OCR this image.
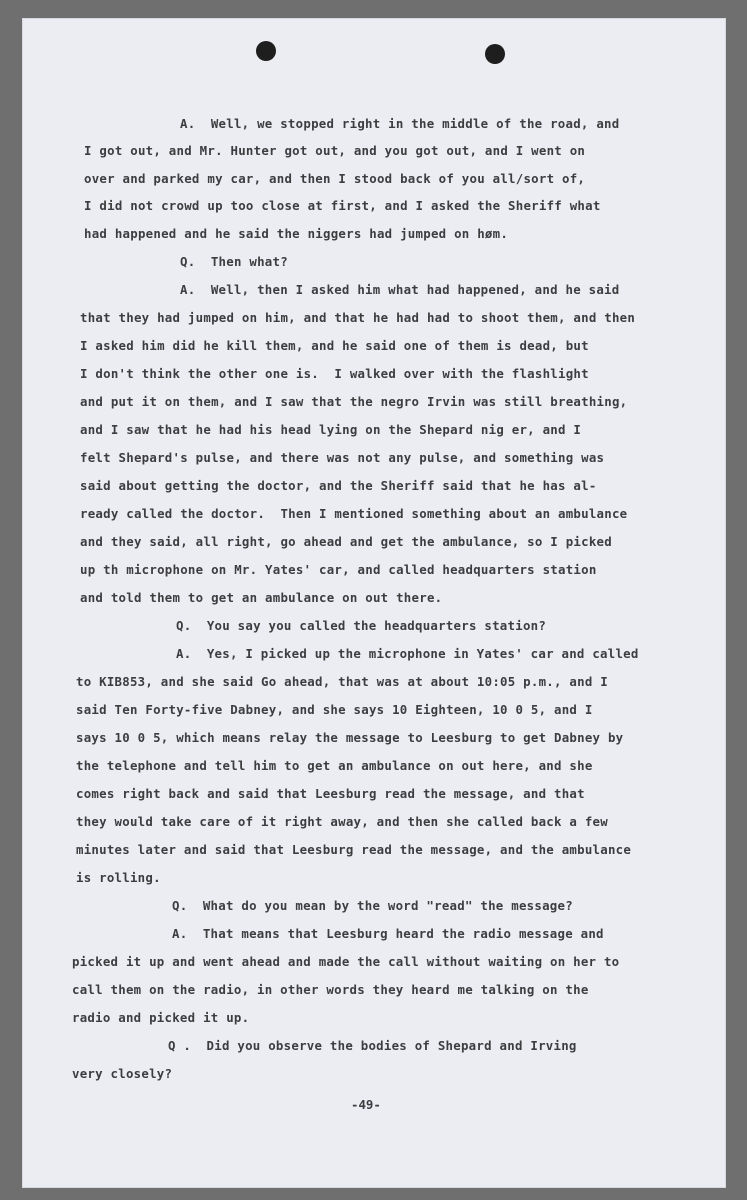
A.  Well, we stopped right in the middle of the road, and
I got out, and Mr. Hunter got out, and you got out, and I went on
over and parked my car, and then I stood back of you all/sort of,
I did not crowd up too close at first, and I asked the Sheriff what
had happened and he said the niggers had jumped on høm.
Q.  Then what?
A.  Well, then I asked him what had happened, and he said
that they had jumped on him, and that he had had to shoot them, and then
I asked him did he kill them, and he said one of them is dead, but
I don't think the other one is.  I walked over with the flashlight
and put it on them, and I saw that the negro Irvin was still breathing,
and I saw that he had his head lying on the Shepard nig er, and I
felt Shepard's pulse, and there was not any pulse, and something was
said about getting the doctor, and the Sheriff said that he has al-
ready called the doctor.  Then I mentioned something about an ambulance
and they said, all right, go ahead and get the ambulance, so I picked
up th microphone on Mr. Yates' car, and called headquarters station
and told them to get an ambulance on out there.
Q.  You say you called the headquarters station?
A.  Yes, I picked up the microphone in Yates' car and called
to KIB853, and she said Go ahead, that was at about 10:05 p.m., and I
said Ten Forty-five Dabney, and she says 10 Eighteen, 10 0 5, and I
says 10 0 5, which means relay the message to Leesburg to get Dabney by
the telephone and tell him to get an ambulance on out here, and she
comes right back and said that Leesburg read the message, and that
they would take care of it right away, and then she called back a few
minutes later and said that Leesburg read the message, and the ambulance
is rolling.
Q.  What do you mean by the word "read" the message?
A.  That means that Leesburg heard the radio message and
picked it up and went ahead and made the call without waiting on her to
call them on the radio, in other words they heard me talking on the
radio and picked it up.
Q .  Did you observe the bodies of Shepard and Irving
very closely?
-49-
